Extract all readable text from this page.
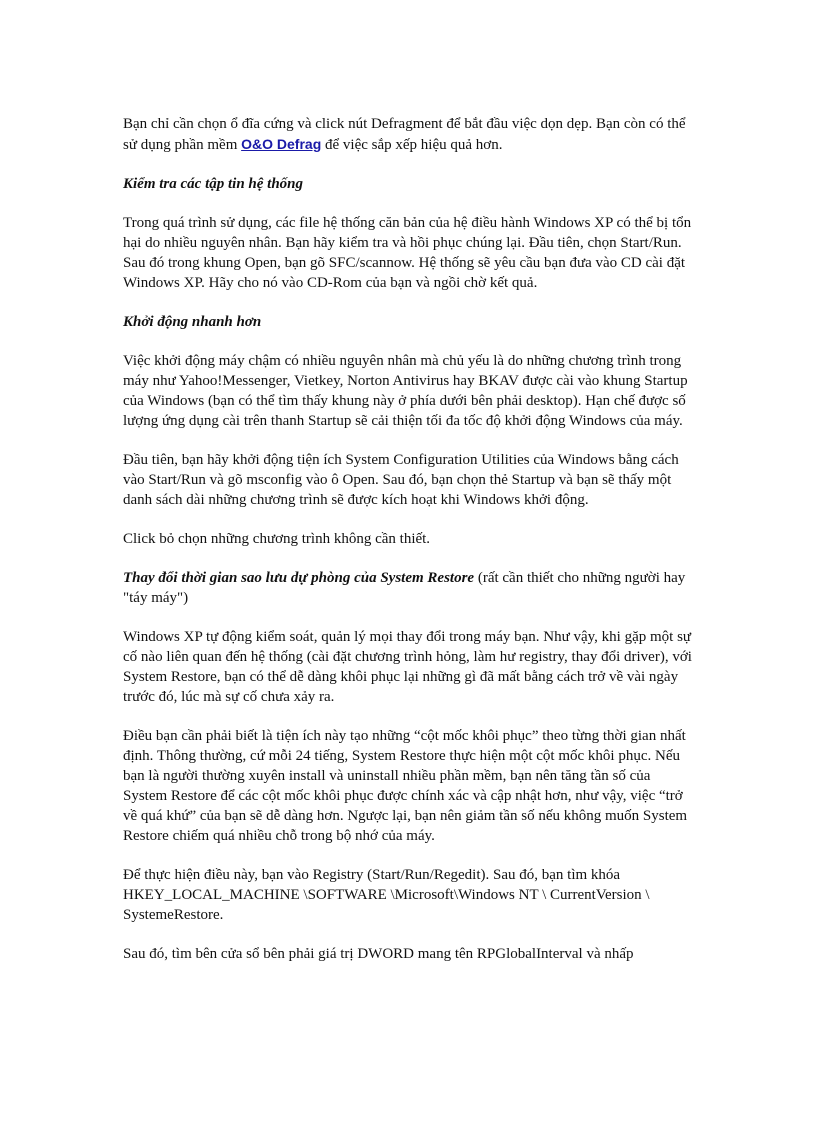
Bạn chỉ cần chọn ổ đĩa cứng và click nút Defragment để bắt đầu việc dọn dẹp. Bạn còn có thể sử dụng phần mềm O&O Defrag để việc sắp xếp hiệu quả hơn.

Kiểm tra các tập tin hệ thống

Trong quá trình sử dụng, các file hệ thống căn bản của hệ điều hành Windows XP có thể bị tổn hại do nhiều nguyên nhân. Bạn hãy kiểm tra và hồi phục chúng lại. Đầu tiên, chọn Start/Run. Sau đó trong khung Open, bạn gõ SFC/scannow. Hệ thống sẽ yêu cầu bạn đưa vào CD cài đặt Windows XP. Hãy cho nó vào CD-Rom của bạn và ngồi chờ kết quả.

Khởi động nhanh hơn

Việc khởi động máy chậm có nhiều nguyên nhân mà chủ yếu là do những chương trình trong máy như Yahoo!Messenger, Vietkey, Norton Antivirus hay BKAV được cài vào khung Startup của Windows (bạn có thể tìm thấy khung này ở phía dưới bên phải desktop). Hạn chế được số lượng ứng dụng cài trên thanh Startup sẽ cải thiện tối đa tốc độ khởi động Windows của máy.

Đầu tiên, bạn hãy khởi động tiện ích System Configuration Utilities của Windows bằng cách vào Start/Run và gõ msconfig vào ô Open. Sau đó, bạn chọn thẻ Startup và bạn sẽ thấy một danh sách dài những chương trình sẽ được kích hoạt khi Windows khởi động.

Click bỏ chọn những chương trình không cần thiết.

Thay đổi thời gian sao lưu dự phòng của System Restore (rất cần thiết cho những người hay "táy máy")

Windows XP tự động kiểm soát, quản lý mọi thay đổi trong máy bạn. Như vậy, khi gặp một sự cố nào liên quan đến hệ thống (cài đặt chương trình hỏng, làm hư registry, thay đổi driver), với System Restore, bạn có thể dễ dàng khôi phục lại những gì đã mất bằng cách trở về vài ngày trước đó, lúc mà sự cố chưa xảy ra.

Điều bạn cần phải biết là tiện ích này tạo những “cột mốc khôi phục” theo từng thời gian nhất định. Thông thường, cứ mỗi 24 tiếng, System Restore thực hiện một cột mốc khôi phục. Nếu bạn là người thường xuyên install và uninstall nhiều phần mềm, bạn nên tăng tần số của System Restore để các cột mốc khôi phục được chính xác và cập nhật hơn, như vậy, việc “trở về quá khứ” của bạn sẽ dễ dàng hơn. Ngược lại, bạn nên giảm tần số nếu không muốn System Restore chiếm quá nhiều chỗ trong bộ nhớ của máy.

Để thực hiện điều này, bạn vào Registry (Start/Run/Regedit). Sau đó, bạn tìm khóa HKEY_LOCAL_MACHINE \SOFTWARE \Microsoft\Windows NT \ CurrentVersion \ SystemeRestore.

Sau đó, tìm bên cửa sổ bên phải giá trị DWORD mang tên RPGlobalInterval và nhấp
